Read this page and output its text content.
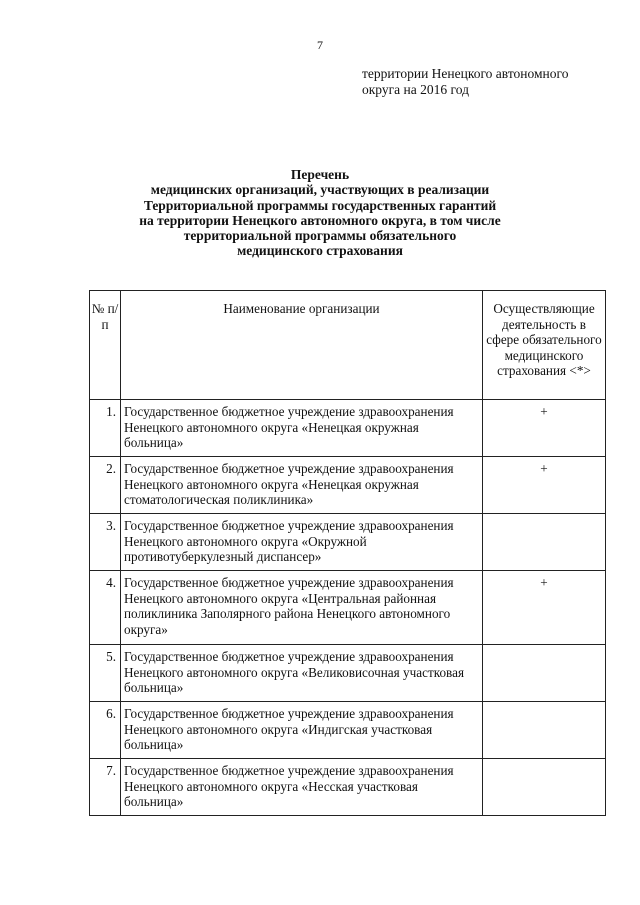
7
территории Ненецкого автономного
округа на 2016 год
Перечень
медицинских организаций, участвующих в реализации
Территориальной программы государственных гарантий
на территории Ненецкого автономного округа, в том числе
территориальной программы обязательного
медицинского страхования
№ п/п	Наименование организации	Осуществляющие деятельность в сфере обязательного медицинского страхования <*>
1.	Государственное бюджетное учреждение здравоохранения Ненецкого автономного округа «Ненецкая окружная больница»	+
2.	Государственное бюджетное учреждение здравоохранения Ненецкого автономного округа «Ненецкая окружная стоматологическая поликлиника»	+
3.	Государственное бюджетное учреждение здравоохранения Ненецкого автономного округа «Окружной противотуберкулезный диспансер»	
4.	Государственное бюджетное учреждение здравоохранения Ненецкого автономного округа «Центральная районная поликлиника Заполярного района Ненецкого автономного округа»	+
5.	Государственное бюджетное учреждение здравоохранения Ненецкого автономного округа «Великовисочная участковая больница»	
6.	Государственное бюджетное учреждение здравоохранения Ненецкого автономного округа «Индигская участковая больница»	
7.	Государственное бюджетное учреждение здравоохранения Ненецкого автономного округа «Несская участковая больница»	
